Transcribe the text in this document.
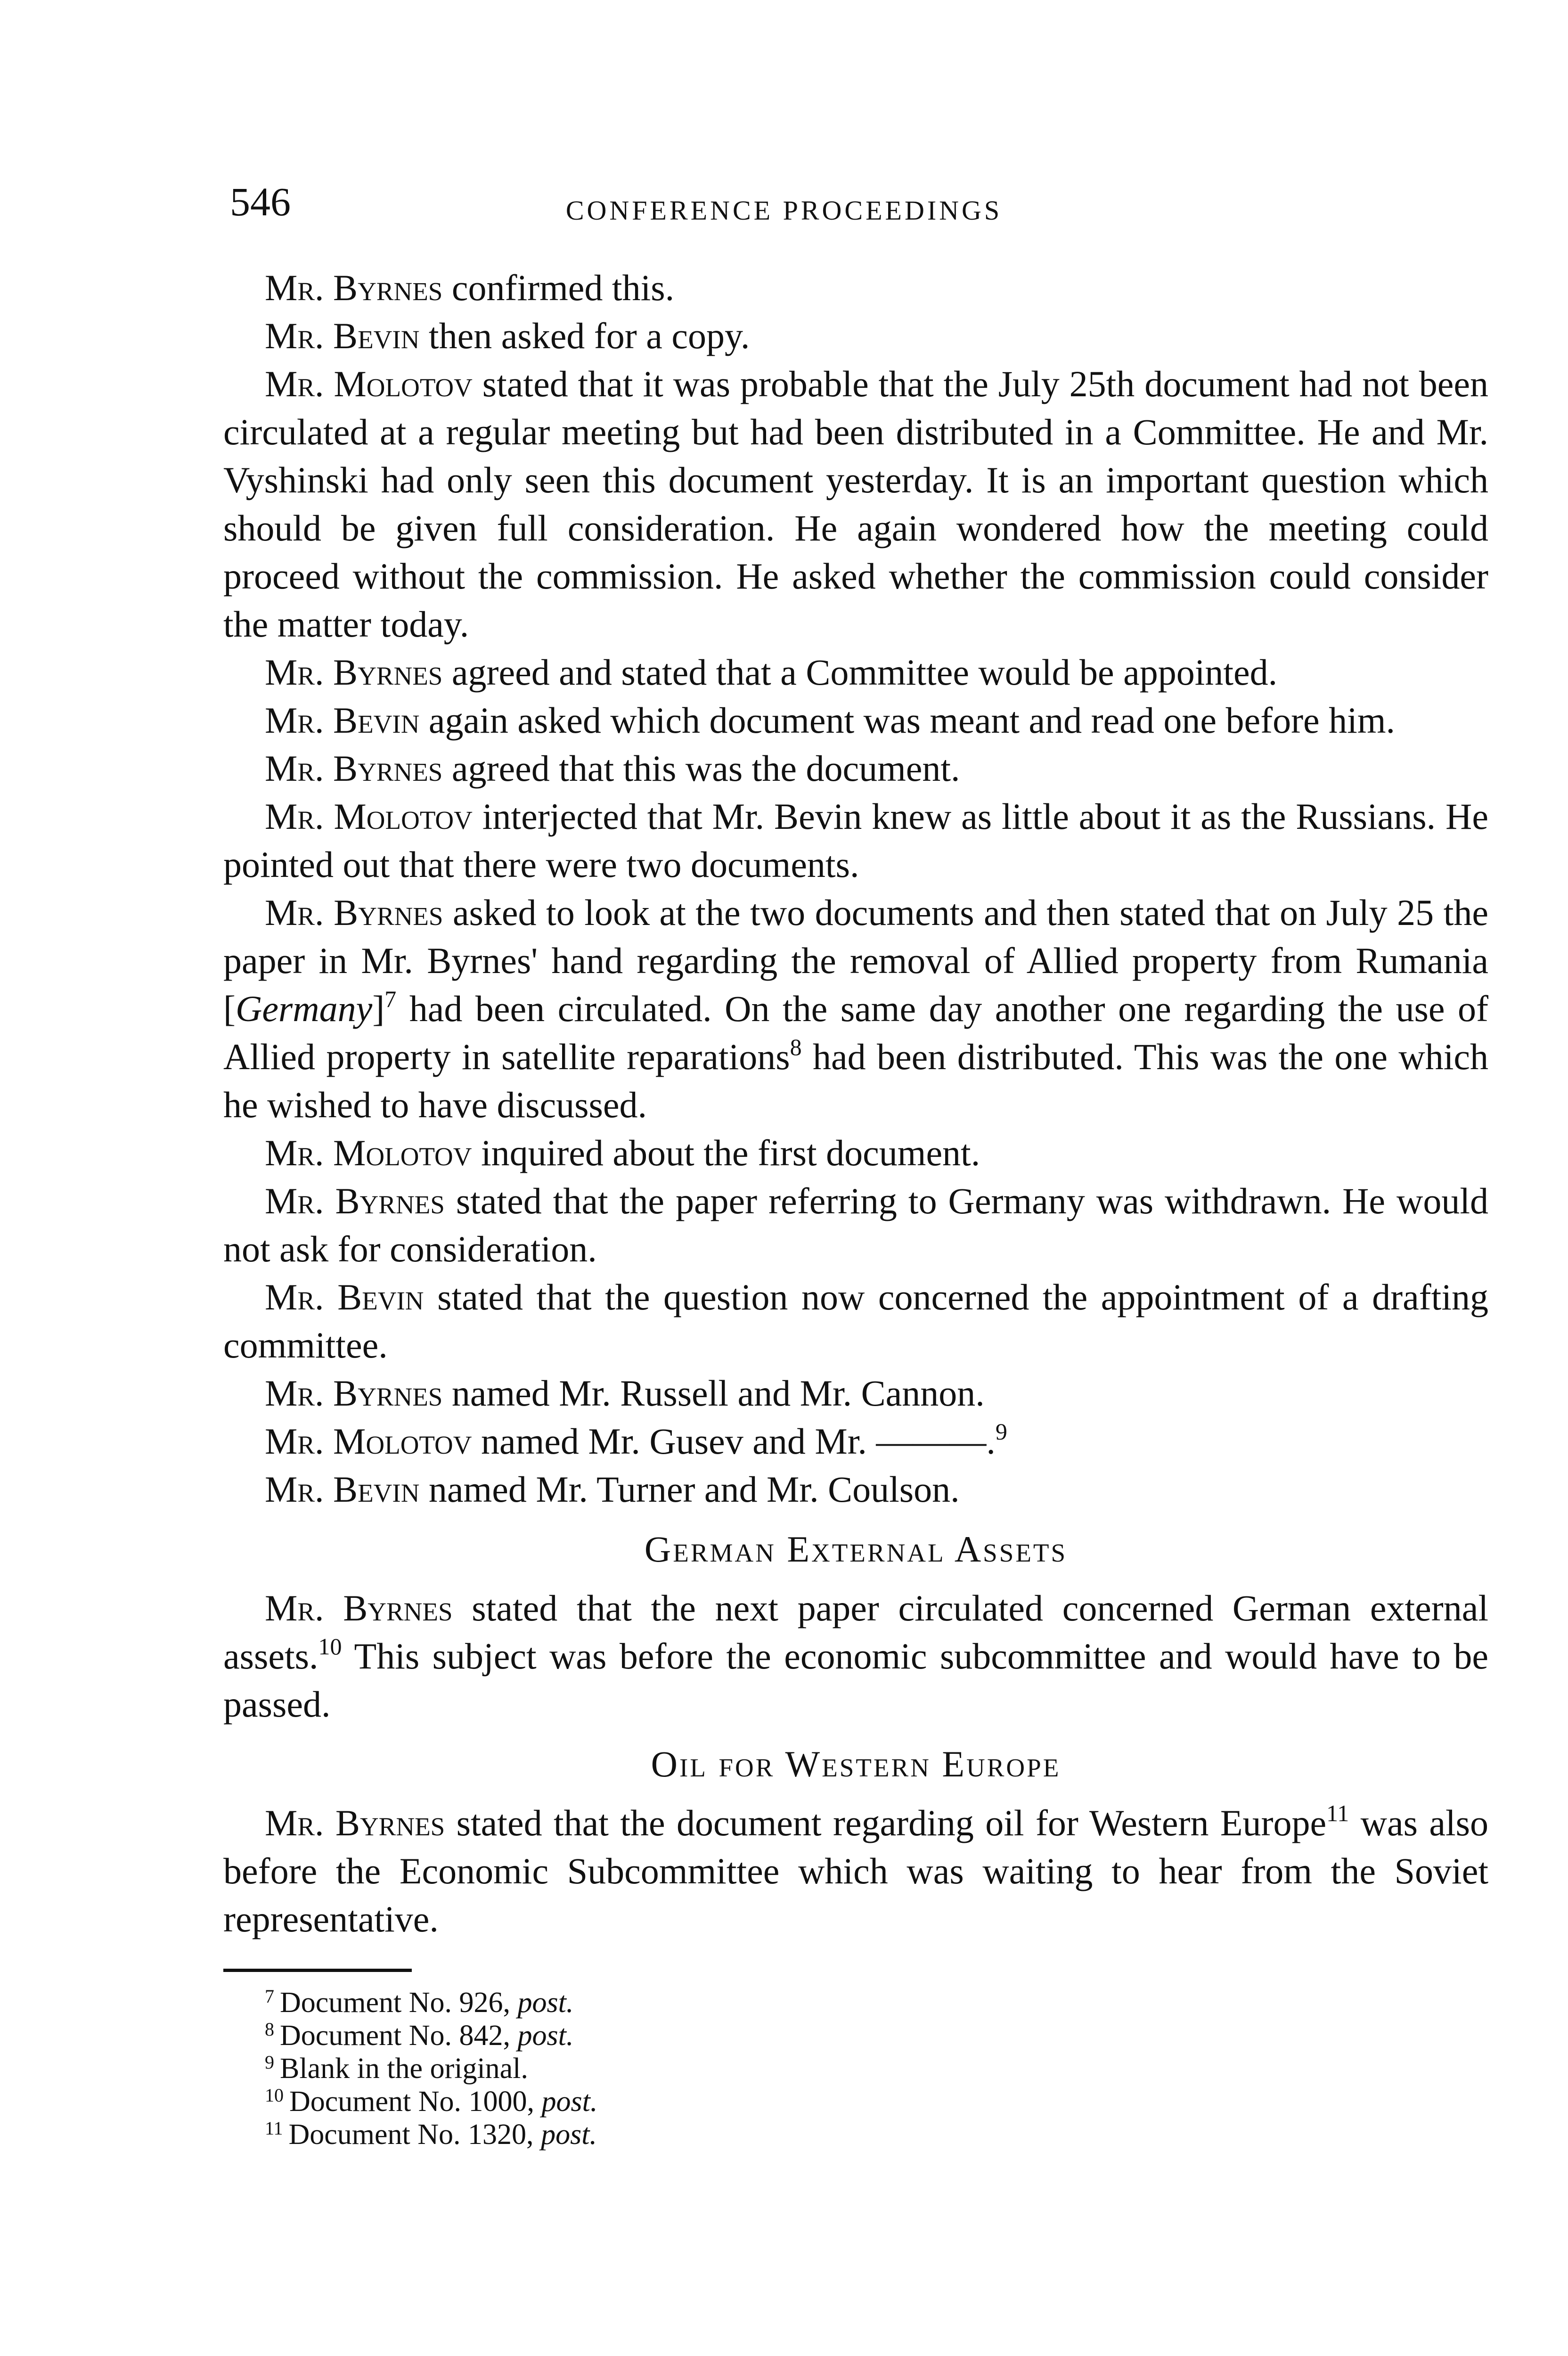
546	CONFERENCE PROCEEDINGS

Mr. Byrnes confirmed this.

Mr. Bevin then asked for a copy.

Mr. Molotov stated that it was probable that the July 25th document had not been circulated at a regular meeting but had been distributed in a Committee. He and Mr. Vyshinski had only seen this document yesterday. It is an important question which should be given full consideration. He again wondered how the meeting could proceed without the commission. He asked whether the commission could consider the matter today.

Mr. Byrnes agreed and stated that a Committee would be appointed.

Mr. Bevin again asked which document was meant and read one before him.

Mr. Byrnes agreed that this was the document.

Mr. Molotov interjected that Mr. Bevin knew as little about it as the Russians. He pointed out that there were two documents.

Mr. Byrnes asked to look at the two documents and then stated that on July 25 the paper in Mr. Byrnes' hand regarding the removal of Allied property from Rumania [Germany]$^7$ had been circulated. On the same day another one regarding the use of Allied property in satellite reparations$^8$ had been distributed. This was the one which he wished to have discussed.

Mr. Molotov inquired about the first document.

Mr. Byrnes stated that the paper referring to Germany was withdrawn. He would not ask for consideration.

Mr. Bevin stated that the question now concerned the appointment of a drafting committee.

Mr. Byrnes named Mr. Russell and Mr. Cannon.

Mr. Molotov named Mr. Gusev and Mr. ———.$^9$

Mr. Bevin named Mr. Turner and Mr. Coulson.

German External Assets

Mr. Byrnes stated that the next paper circulated concerned German external assets.$^{10}$ This subject was before the economic subcommittee and would have to be passed.

Oil for Western Europe

Mr. Byrnes stated that the document regarding oil for Western Europe$^{11}$ was also before the Economic Subcommittee which was waiting to hear from the Soviet representative.

$^7$ Document No. 926, post.
$^8$ Document No. 842, post.
$^9$ Blank in the original.
$^{10}$ Document No. 1000, post.
$^{11}$ Document No. 1320, post.
